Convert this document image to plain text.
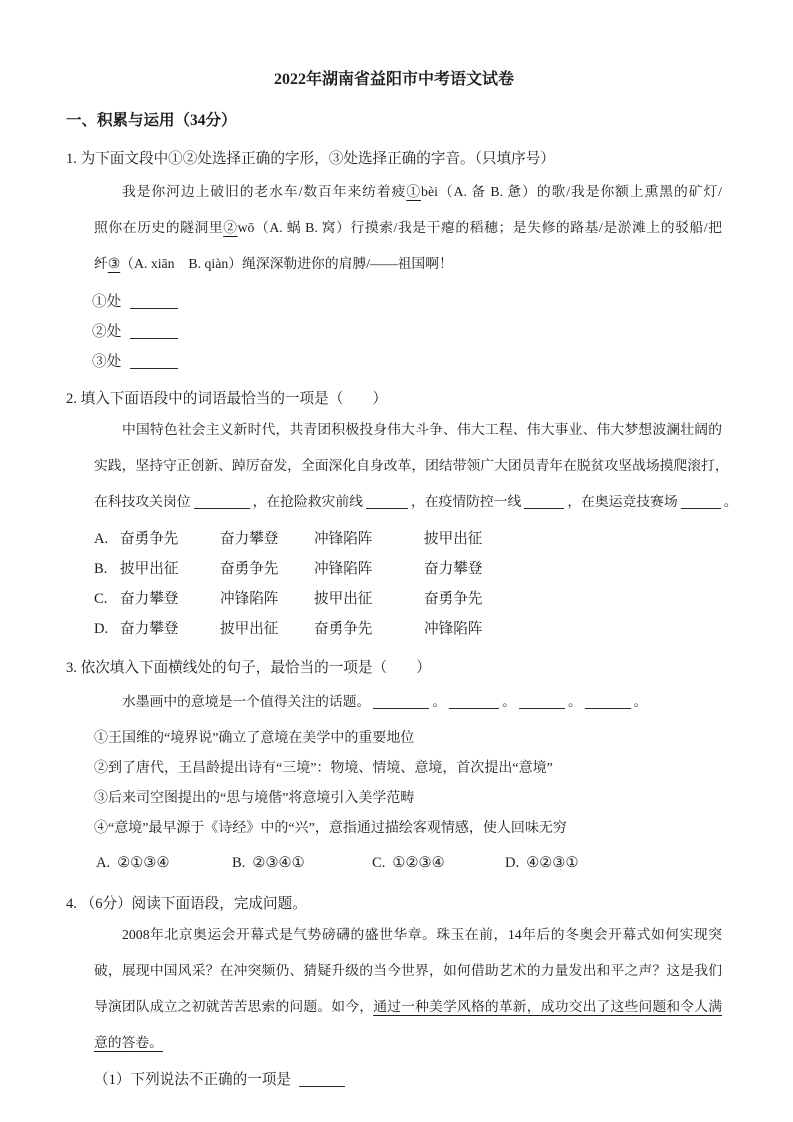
2022年湖南省益阳市中考语文试卷
一、积累与运用（34分）
1. 为下面文段中①②处选择正确的字形，③处选择正确的字音。（只填序号）
我是你河边上破旧的老水车/数百年来纺着疲①bèi（A. 备 B. 惫）的歌/我是你额上熏黑的矿灯/
照你在历史的隧洞里②wō（A. 蜗 B. 窝）行摸索/我是干瘪的稻穗；是失修的路基/是淤滩上的驳船/把
纤 ․③（A. xiān　B. qiàn）绳深深勒进你的肩膊/——祖国啊！
①处
②处
③处
2. 填入下面语段中的词语最恰当的一项是（　　）
中国特色社会主义新时代，共青团积极投身伟大斗争、伟大工程、伟大事业、伟大梦想波澜壮阔的
实践，坚持守正创新、踔厉奋发，全面深化自身改革，团结带领广大团员青年在脱贫攻坚战场摸爬滚打，
在科技攻关岗位	，在抢险救灾前线	，在疫情防控一线	，在奥运竞技赛场	。
A. 奋勇争先	奋力攀登	冲锋陷阵	披甲出征
B. 披甲出征	奋勇争先	冲锋陷阵	奋力攀登
C. 奋力攀登	冲锋陷阵	披甲出征	奋勇争先
D. 奋力攀登	披甲出征	奋勇争先	冲锋陷阵
3. 依次填入下面横线处的句子，最恰当的一项是（　　）
水墨画中的意境是一个值得关注的话题。	。	。	。	。
①王国维的“境界说”确立了意境在美学中的重要地位
②到了唐代，王昌龄提出诗有“三境”：物境、情境、意境，首次提出“意境”
③后来司空图提出的“思与境偕”将意境引入美学范畴
④“意境”最早源于《诗经》中的“兴”，意指通过描绘客观情感，使人回味无穷
A. ②①③④	B. ②③④①	C. ①②③④	D. ④②③①
4. （6分）阅读下面语段，完成问题。
2008年北京奥运会开幕式是气势磅礴的盛世华章。珠玉在前，14年后的冬奥会开幕式如何实现突
破，展现中国风采？在冲突频仍、猜疑升级的当今世界，如何借助艺术的力量发出和平之声？这是我们
导演团队成立之初就苦苦思索的问题。如今，通过一种美学风格的革新，成功交出了这些问题和令人满
意的答卷。
（1）下列说法不正确的一项是
